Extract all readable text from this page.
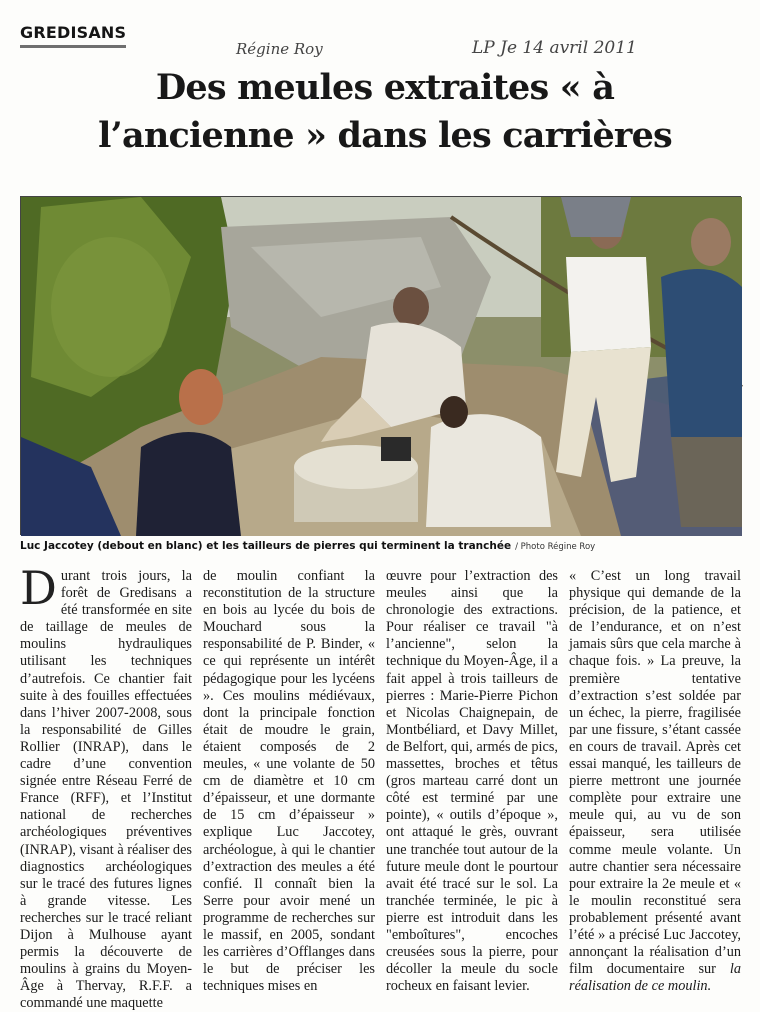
GREDISANS
Régine Roy	LP Je 14 avril 2011
Des meules extraites « à
l’ancienne » dans les carrières
Luc Jaccotey (debout en blanc) et les tailleurs de pierres qui terminent la tranchée / Photo Régine Roy
Durant trois jours, la forêt de Gredisans a été transformée en site de taillage de meules de moulins hydrauliques utilisant les techniques d’autrefois. Ce chantier fait suite à des fouilles effectuées dans l’hiver 2007-2008, sous la responsabilité de Gilles Rollier (INRAP), dans le cadre d’une convention signée entre Réseau Ferré de France (RFF), et l’Institut national de recherches archéologiques préventives (INRAP), visant à réaliser des diagnostics archéologiques sur le tracé des futures lignes à grande vitesse. Les recherches sur le tracé reliant Dijon à Mulhouse ayant permis la découverte de moulins à grains du Moyen-Âge à Thervay, R.F.F. a commandé une maquette
de moulin confiant la reconstitution de la structure en bois au lycée du bois de Mouchard sous la responsabilité de P. Binder, « ce qui représente un intérêt pédagogique pour les lycéens ». Ces moulins médiévaux, dont la principale fonction était de moudre le grain, étaient composés de 2 meules, « une volante de 50 cm de diamètre et 10 cm d’épaisseur, et une dormante de 15 cm d’épaisseur » explique Luc Jaccotey, archéologue, à qui le chantier d’extraction des meules a été confié. Il connaît bien la Serre pour avoir mené un programme de recherches sur le massif, en 2005, sondant les carrières d’Offlanges dans le but de préciser les techniques mises en
œuvre pour l’extraction des meules ainsi que la chronologie des extractions. Pour réaliser ce travail "à l’ancienne", selon la technique du Moyen-Âge, il a fait appel à trois tailleurs de pierres : Marie-Pierre Pichon et Nicolas Chaignepain, de Montbéliard, et Davy Millet, de Belfort, qui, armés de pics, massettes, broches et têtus (gros marteau carré dont un côté est terminé par une pointe), « outils d’époque », ont attaqué le grès, ouvrant une tranchée tout autour de la future meule dont le pourtour avait été tracé sur le sol. La tranchée terminée, le pic à pierre est introduit dans les "emboîtures", encoches creusées sous la pierre, pour décoller la meule du socle rocheux en faisant levier.
« C’est un long travail physique qui demande de la précision, de la patience, et de l’endurance, et on n’est jamais sûrs que cela marche à chaque fois. » La preuve, la première tentative d’extraction s’est soldée par un échec, la pierre, fragilisée par une fissure, s’étant cassée en cours de travail. Après cet essai manqué, les tailleurs de pierre mettront une journée complète pour extraire une meule qui, au vu de son épaisseur, sera utilisée comme meule volante. Un autre chantier sera nécessaire pour extraire la 2e meule et « le moulin reconstitué sera probablement présenté avant l’été » a précisé Luc Jaccotey, annonçant la réalisation d’un film documentaire sur la réalisation de ce moulin.
